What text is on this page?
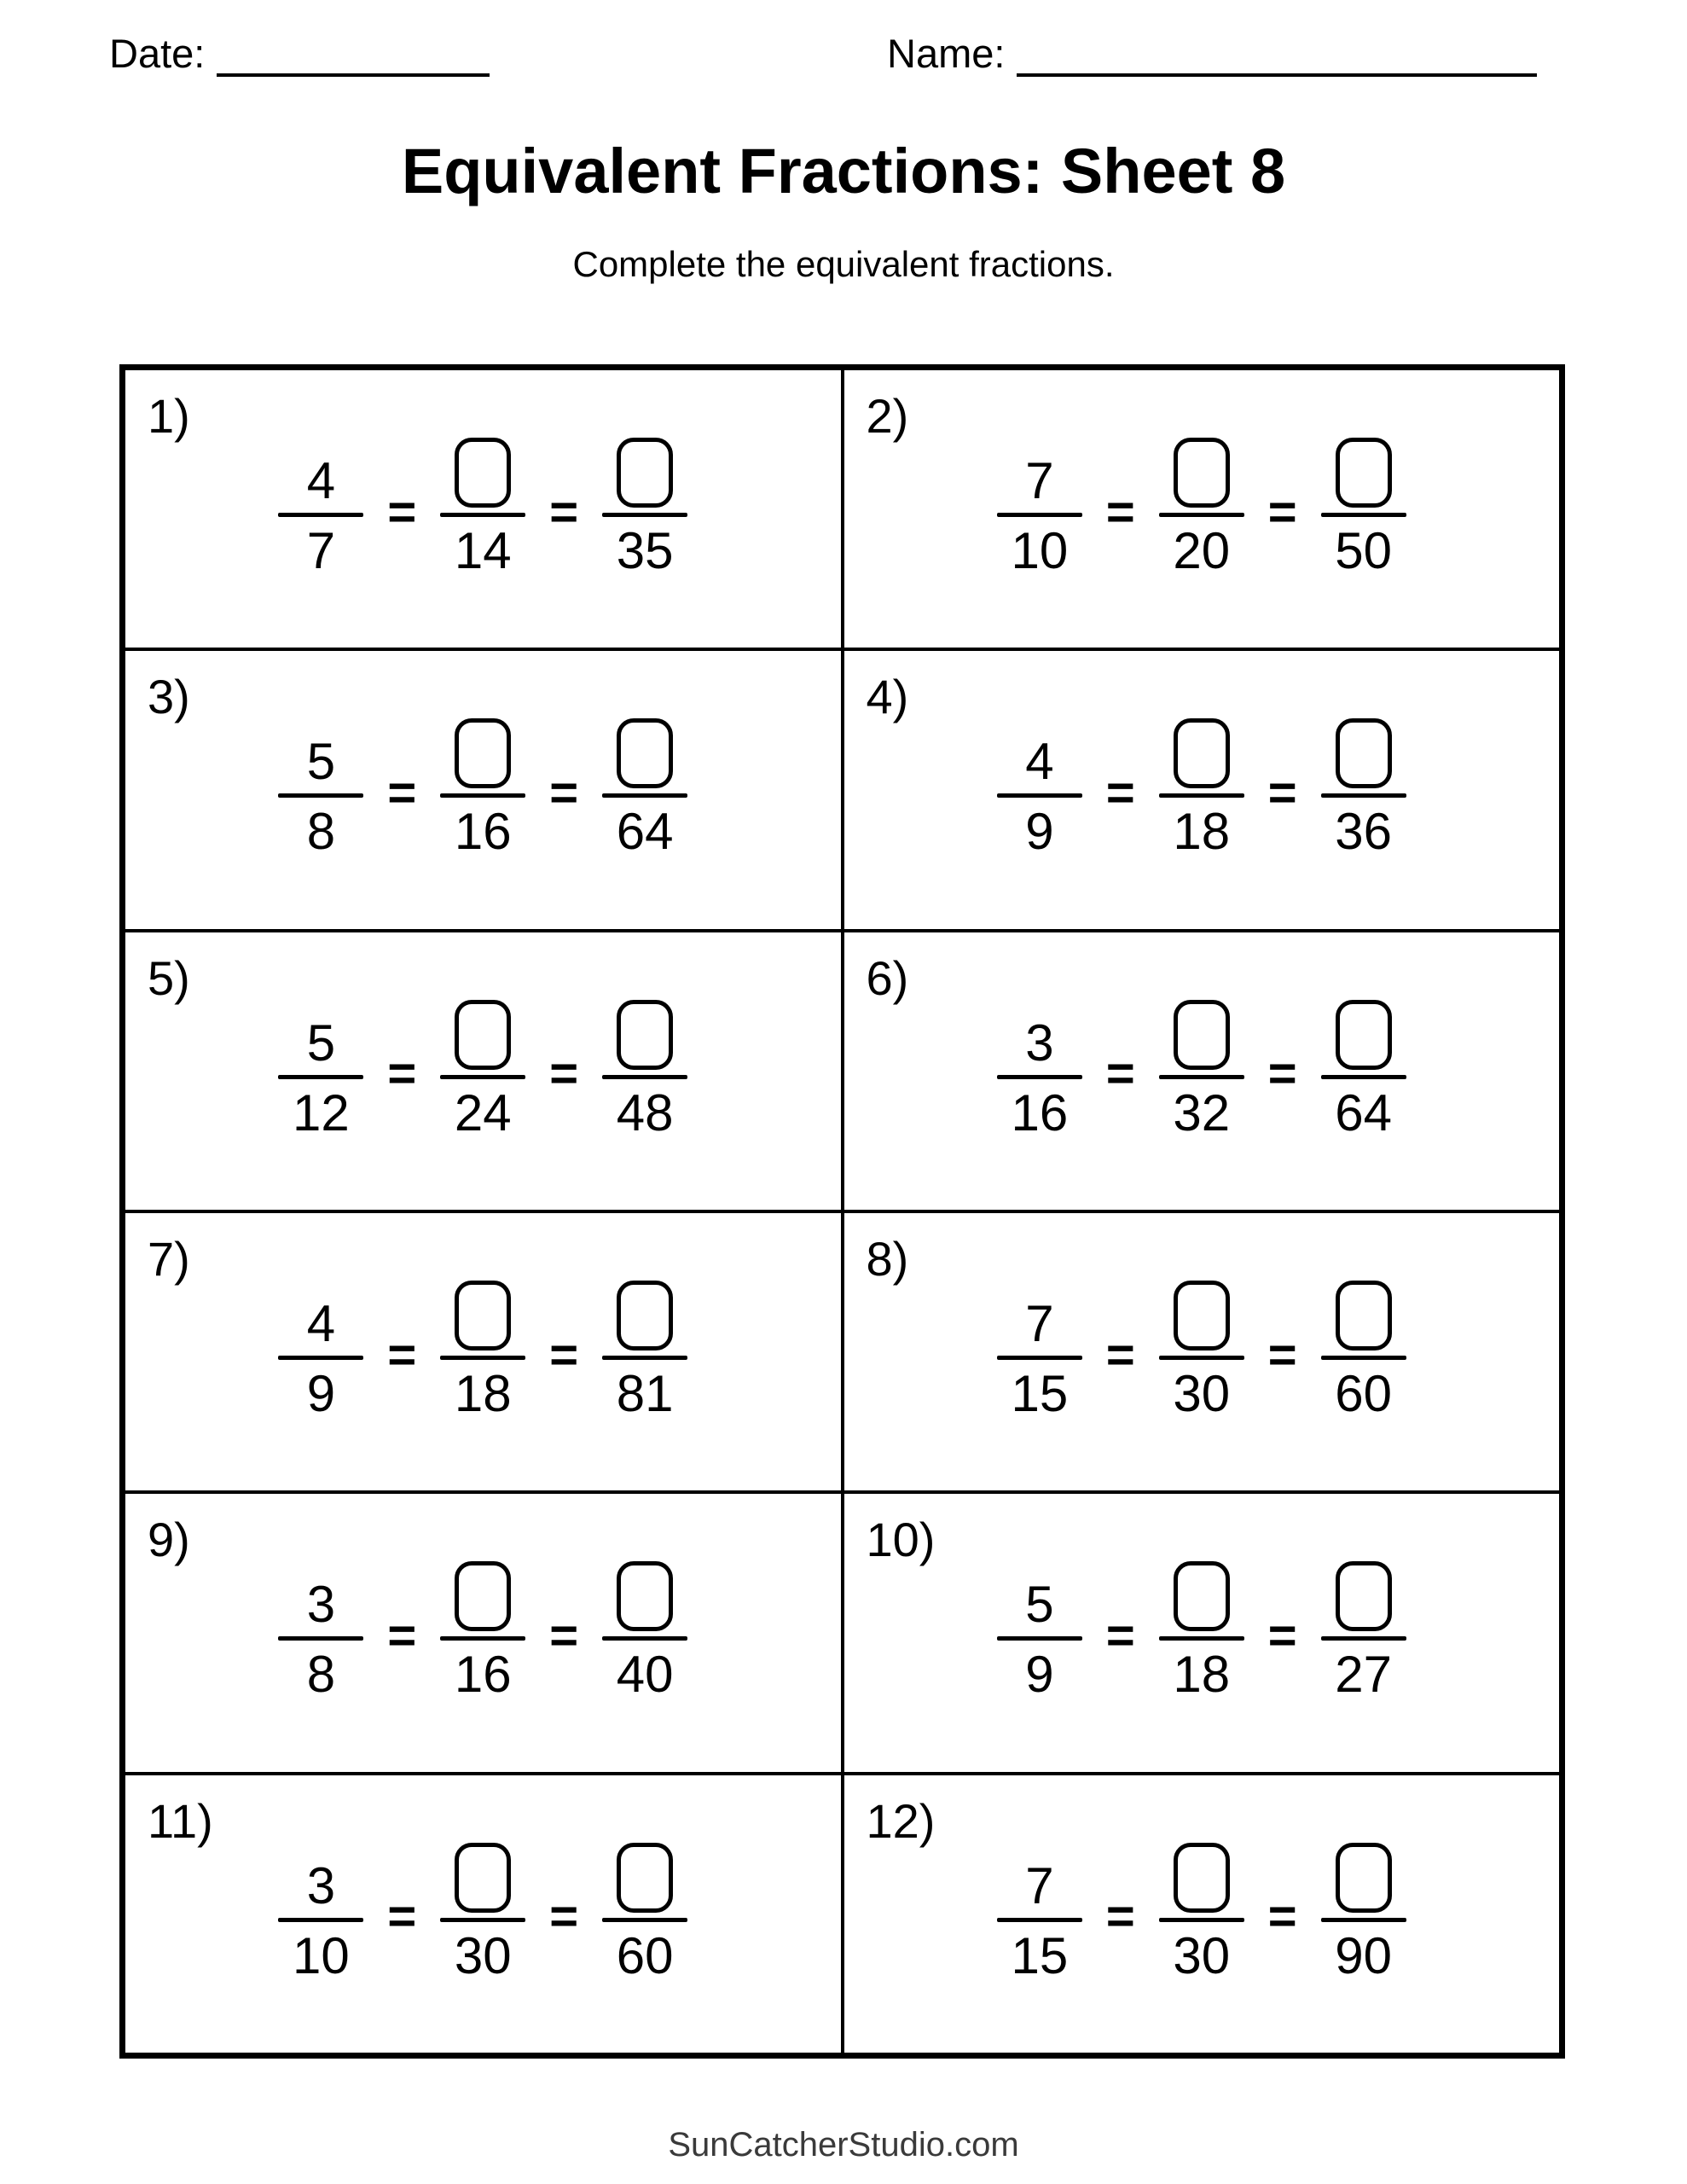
Date:	Name:
Equivalent Fractions: Sheet 8
Complete the equivalent fractions.
1)
4
7
=
14
=
35
2)
7
10
=
20
=
50
3)
5
8
=
16
=
64
4)
4
9
=
18
=
36
5)
5
12
=
24
=
48
6)
3
16
=
32
=
64
7)
4
9
=
18
=
81
8)
7
15
=
30
=
60
9)
3
8
=
16
=
40
10)
5
9
=
18
=
27
11)
3
10
=
30
=
60
12)
7
15
=
30
=
90
SunCatcherStudio.com
